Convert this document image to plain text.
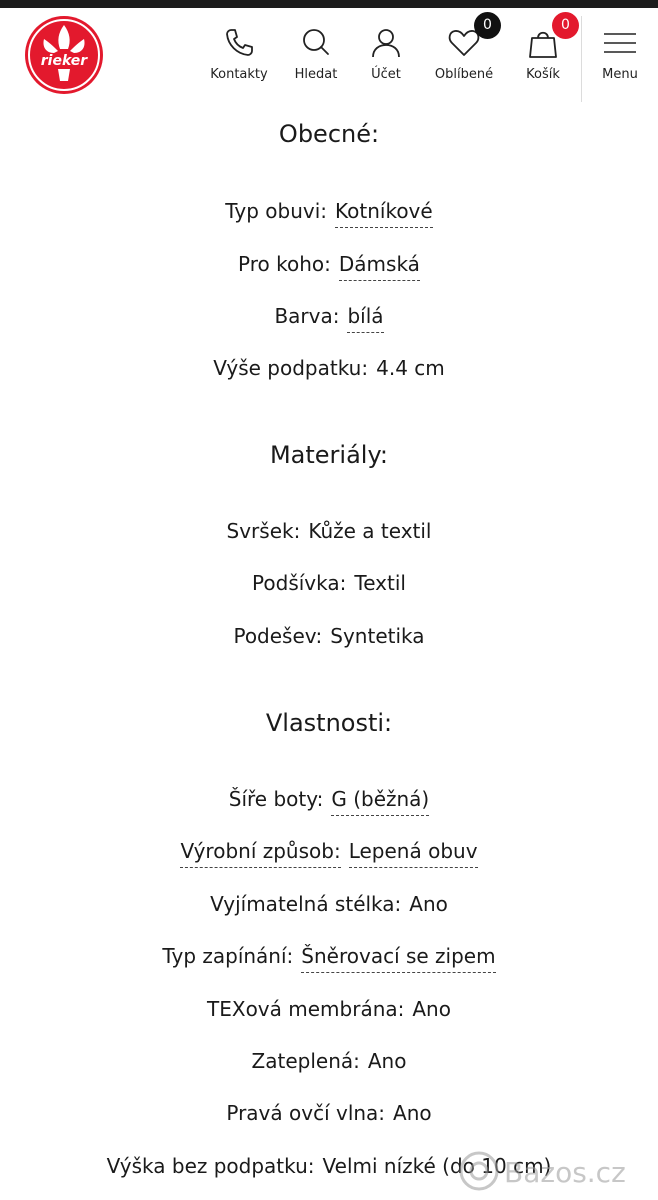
rieker
Kontakty	Hledat	Účet
0
Oblíbené
0
Košík	Menu
Obecné:
Typ obuvi: Kotníkové
Pro koho: Dámská
Barva: bílá
Výše podpatku: 4.4 cm
Materiály:
Svršek: Kůže a textil
Podšívka: Textil
Podešev: Syntetika
Vlastnosti:
Šíře boty: G (běžná)
Výrobní způsob: Lepená obuv
Vyjímatelná stélka: Ano
Typ zapínání: Šněrovací se zipem
TEXová membrána: Ano
Zateplená: Ano
Pravá ovčí vlna: Ano
Výška bez podpatku: Velmi nízké (do 10 cm)
Bazos.cz
